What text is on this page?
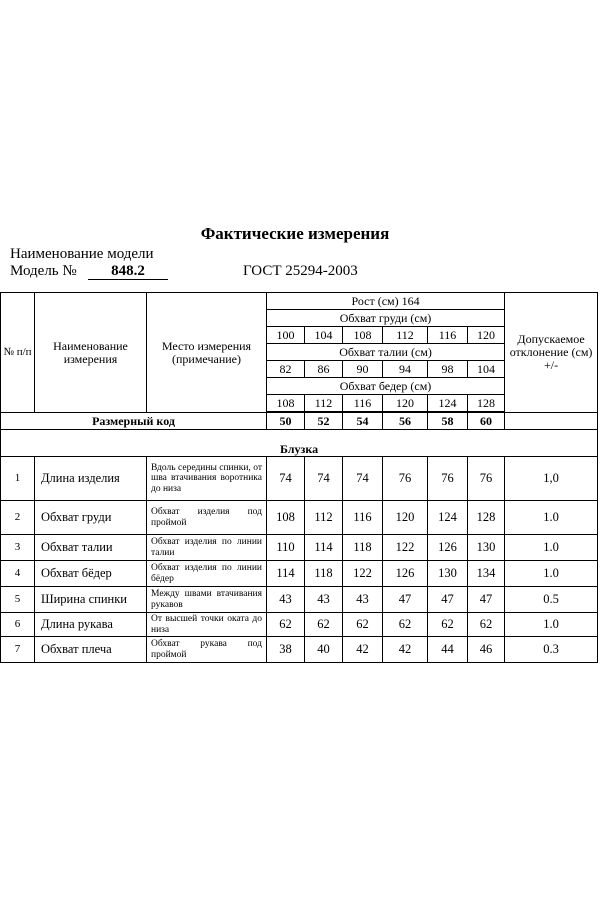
Фактические измерения
Наименование модели
Модель №	848.2	ГОСТ 25294-2003
№ п/п	Наименование измерения	Место измерения (примечание)	Рост (см) 164						Допускаемое отклонение (см) +/-
			Обхват груди (см)						
			100	104	108	112	116	120	
			Обхват талии (см)						
			82	86	90	94	98	104	
			Обхват бедер (см)						
			108	112	116	120	124	128	

Размерный код			50	52	54	56	58	60	
Блузка									
1	Длина изделия	Вдоль середины спинки, от шва втачивания воротника до низа	74	74	74	76	76	76	1,0
2	Обхват груди	Обхват изделия под проймой	108	112	116	120	124	128	1.0
3	Обхват талии	Обхват изделия по линии талии	110	114	118	122	126	130	1.0
4	Обхват бёдер	Обхват изделия по линии бёдер	114	118	122	126	130	134	1.0
5	Ширина спинки	Между швами втачивания рукавов	43	43	43	47	47	47	0.5
6	Длина рукава	От высшей точки оката до низа	62	62	62	62	62	62	1.0
7	Обхват плеча	Обхват рукава под проймой	38	40	42	42	44	46	0.3
